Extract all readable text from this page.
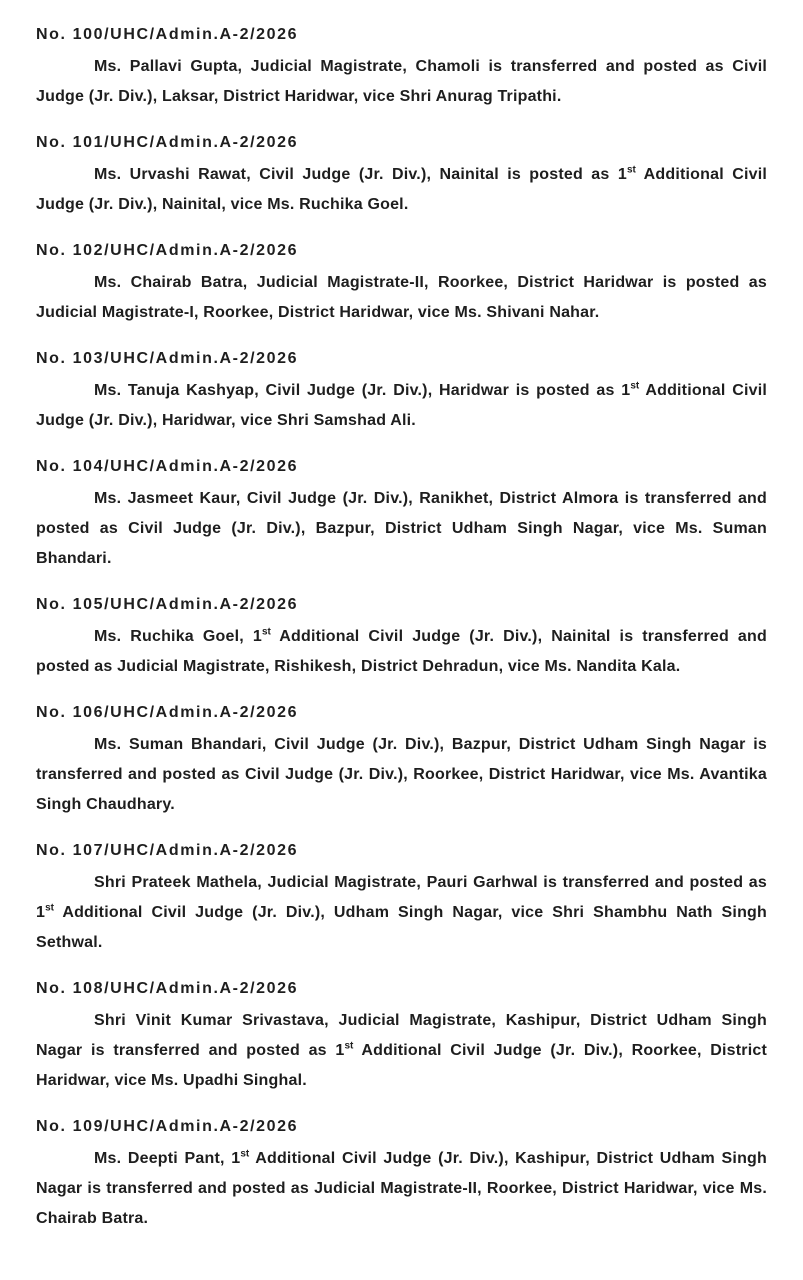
No. 100/UHC/Admin.A-2/2026

Ms. Pallavi Gupta, Judicial Magistrate, Chamoli is transferred and posted as Civil Judge (Jr. Div.), Laksar, District Haridwar, vice Shri Anurag Tripathi.

No. 101/UHC/Admin.A-2/2026

Ms. Urvashi Rawat, Civil Judge (Jr. Div.), Nainital is posted as 1st Additional Civil Judge (Jr. Div.), Nainital, vice Ms. Ruchika Goel.

No. 102/UHC/Admin.A-2/2026

Ms. Chairab Batra, Judicial Magistrate-II, Roorkee, District Haridwar is posted as Judicial Magistrate-I, Roorkee, District Haridwar, vice Ms. Shivani Nahar.

No. 103/UHC/Admin.A-2/2026

Ms. Tanuja Kashyap, Civil Judge (Jr. Div.), Haridwar is posted as 1st Additional Civil Judge (Jr. Div.), Haridwar, vice Shri Samshad Ali.

No. 104/UHC/Admin.A-2/2026

Ms. Jasmeet Kaur, Civil Judge (Jr. Div.), Ranikhet, District Almora is transferred and posted as Civil Judge (Jr. Div.), Bazpur, District Udham Singh Nagar, vice Ms. Suman Bhandari.

No. 105/UHC/Admin.A-2/2026

Ms. Ruchika Goel, 1st Additional Civil Judge (Jr. Div.), Nainital is transferred and posted as Judicial Magistrate, Rishikesh, District Dehradun, vice Ms. Nandita Kala.

No. 106/UHC/Admin.A-2/2026

Ms. Suman Bhandari, Civil Judge (Jr. Div.), Bazpur, District Udham Singh Nagar is transferred and posted as Civil Judge (Jr. Div.), Roorkee, District Haridwar, vice Ms. Avantika Singh Chaudhary.

No. 107/UHC/Admin.A-2/2026

Shri Prateek Mathela, Judicial Magistrate, Pauri Garhwal is transferred and posted as 1st Additional Civil Judge (Jr. Div.), Udham Singh Nagar, vice Shri Shambhu Nath Singh Sethwal.

No. 108/UHC/Admin.A-2/2026

Shri Vinit Kumar Srivastava, Judicial Magistrate, Kashipur, District Udham Singh Nagar is transferred and posted as 1st Additional Civil Judge (Jr. Div.), Roorkee, District Haridwar, vice Ms. Upadhi Singhal.

No. 109/UHC/Admin.A-2/2026

Ms. Deepti Pant, 1st Additional Civil Judge (Jr. Div.), Kashipur, District Udham Singh Nagar is transferred and posted as Judicial Magistrate-II, Roorkee, District Haridwar, vice Ms. Chairab Batra.
